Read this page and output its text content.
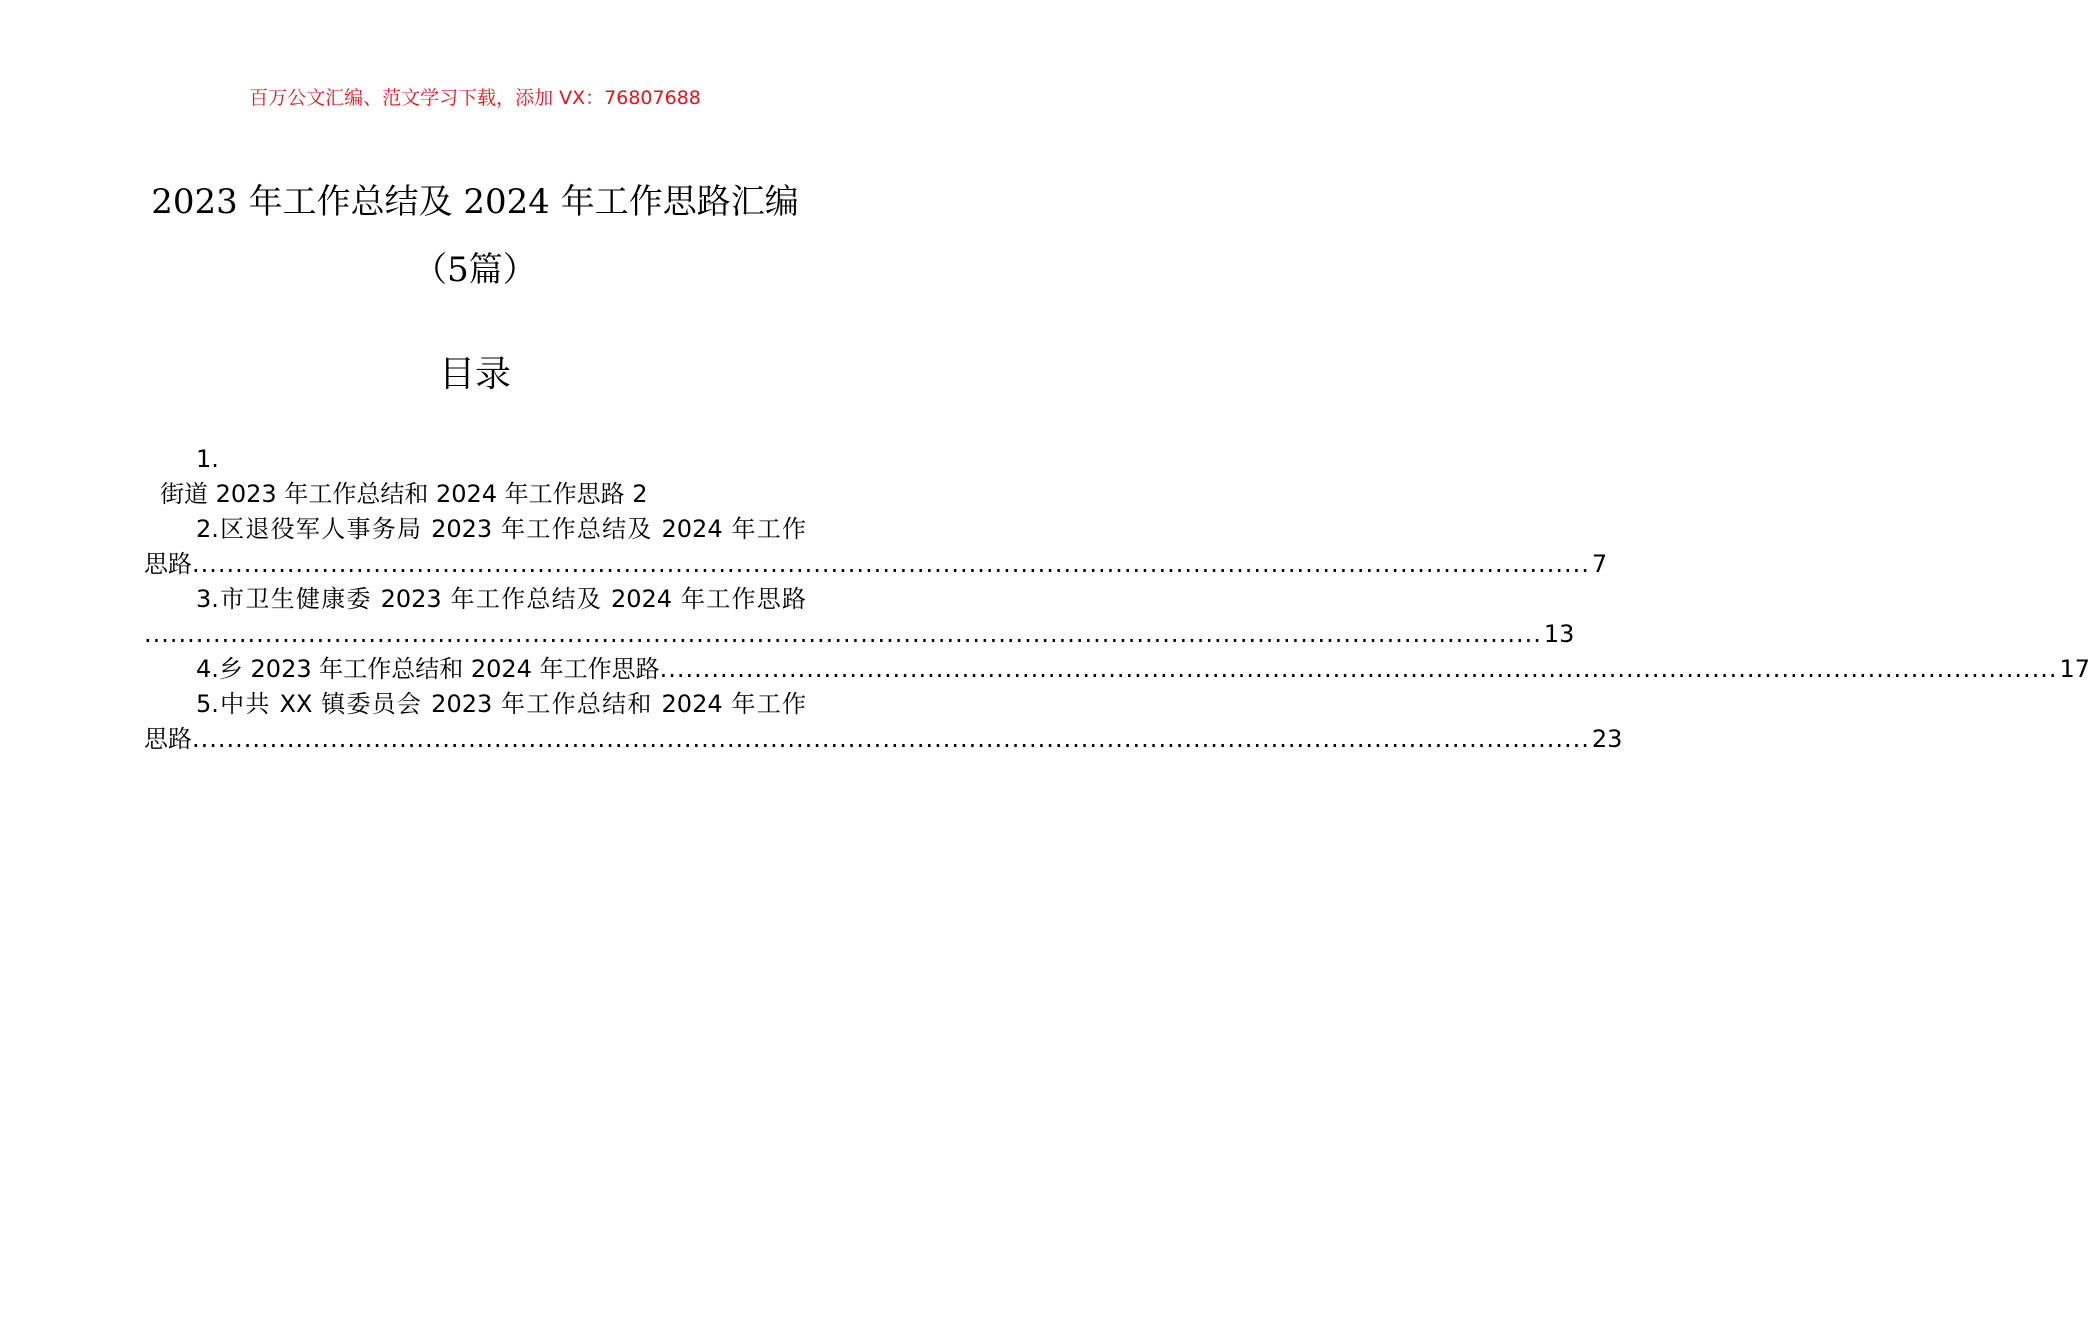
百万公文汇编、范文学习下载，添加 VX：76807688
2023 年工作总结及 2024 年工作思路汇编
（5篇）
目录
1.
街道 2023 年工作总结和 2024 年工作思路 2
2.区退役军人事务局 2023 年工作总结及 2024 年工作
思路 .................................................................................................................................................................. 7
3.市卫生健康委 2023 年工作总结及 2024 年工作思路
.................................................................................................................................................................. 13
4.乡 2023 年工作总结和 2024 年工作思路 .................................................................................................................................................................. 17
5.中共 XX 镇委员会 2023 年工作总结和 2024 年工作
思路 .................................................................................................................................................................. 23
